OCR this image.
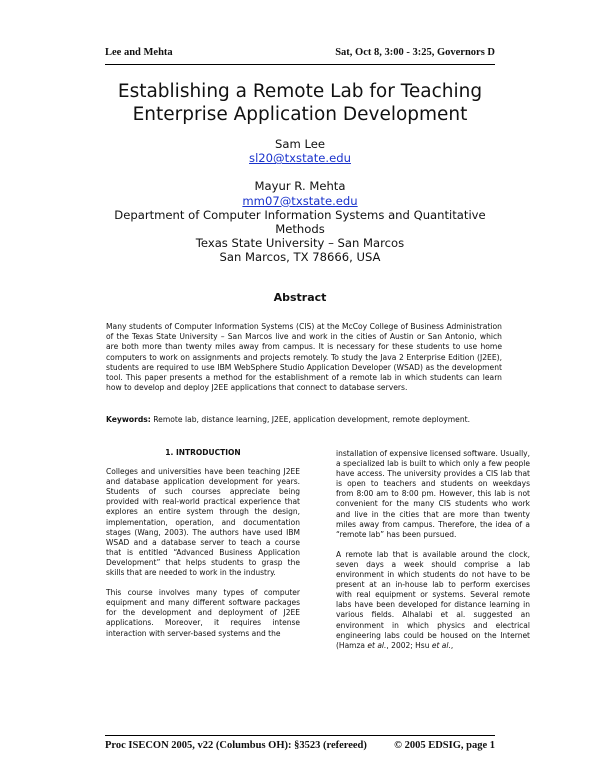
Lee and Mehta	Sat, Oct 8, 3:00 - 3:25, Governors D
Establishing a Remote Lab for Teaching
Enterprise Application Development
Sam Lee
sl20@txstate.edu
Mayur R. Mehta
mm07@txstate.edu
Department of Computer Information Systems and Quantitative
Methods
Texas State University – San Marcos
San Marcos, TX 78666, USA
Abstract
Many students of Computer Information Systems (CIS) at the McCoy College of Business Administration of the Texas State University – San Marcos live and work in the cities of Austin or San Antonio, which are both more than twenty miles away from campus. It is necessary for these students to use home computers to work on assignments and projects remotely. To study the Java 2 Enterprise Edition (J2EE), students are required to use IBM WebSphere Studio Application Developer (WSAD) as the development tool. This paper presents a method for the establishment of a remote lab in which students can learn how to develop and deploy J2EE applications that connect to database servers.
Keywords: Remote lab, distance learning, J2EE, application development, remote deployment.
1. INTRODUCTION

Colleges and universities have been teaching J2EE and database application development for years. Students of such courses appreciate being provided with real-world practical experience that explores an entire system through the design, implementation, operation, and documentation stages (Wang, 2003). The authors have used IBM WSAD and a database server to teach a course that is entitled “Advanced Business Application Development” that helps students to grasp the skills that are needed to work in the industry.

This course involves many types of computer equipment and many different software packages for the development and deployment of J2EE applications. Moreover, it requires intense interaction with server-based systems and the

installation of expensive licensed software. Usually, a specialized lab is built to which only a few people have access. The university provides a CIS lab that is open to teachers and students on weekdays from 8:00 am to 8:00 pm. However, this lab is not convenient for the many CIS students who work and live in the cities that are more than twenty miles away from campus. Therefore, the idea of a “remote lab” has been pursued.

A remote lab that is available around the clock, seven days a week should comprise a lab environment in which students do not have to be present at an in-house lab to perform exercises with real equipment or systems. Several remote labs have been developed for distance learning in various fields. Alhalabi et al. suggested an environment in which physics and electrical engineering labs could be housed on the Internet (Hamza et al., 2002; Hsu et al.,

Proc ISECON 2005, v22 (Columbus OH): §3523 (refereed)	© 2005 EDSIG, page 1
